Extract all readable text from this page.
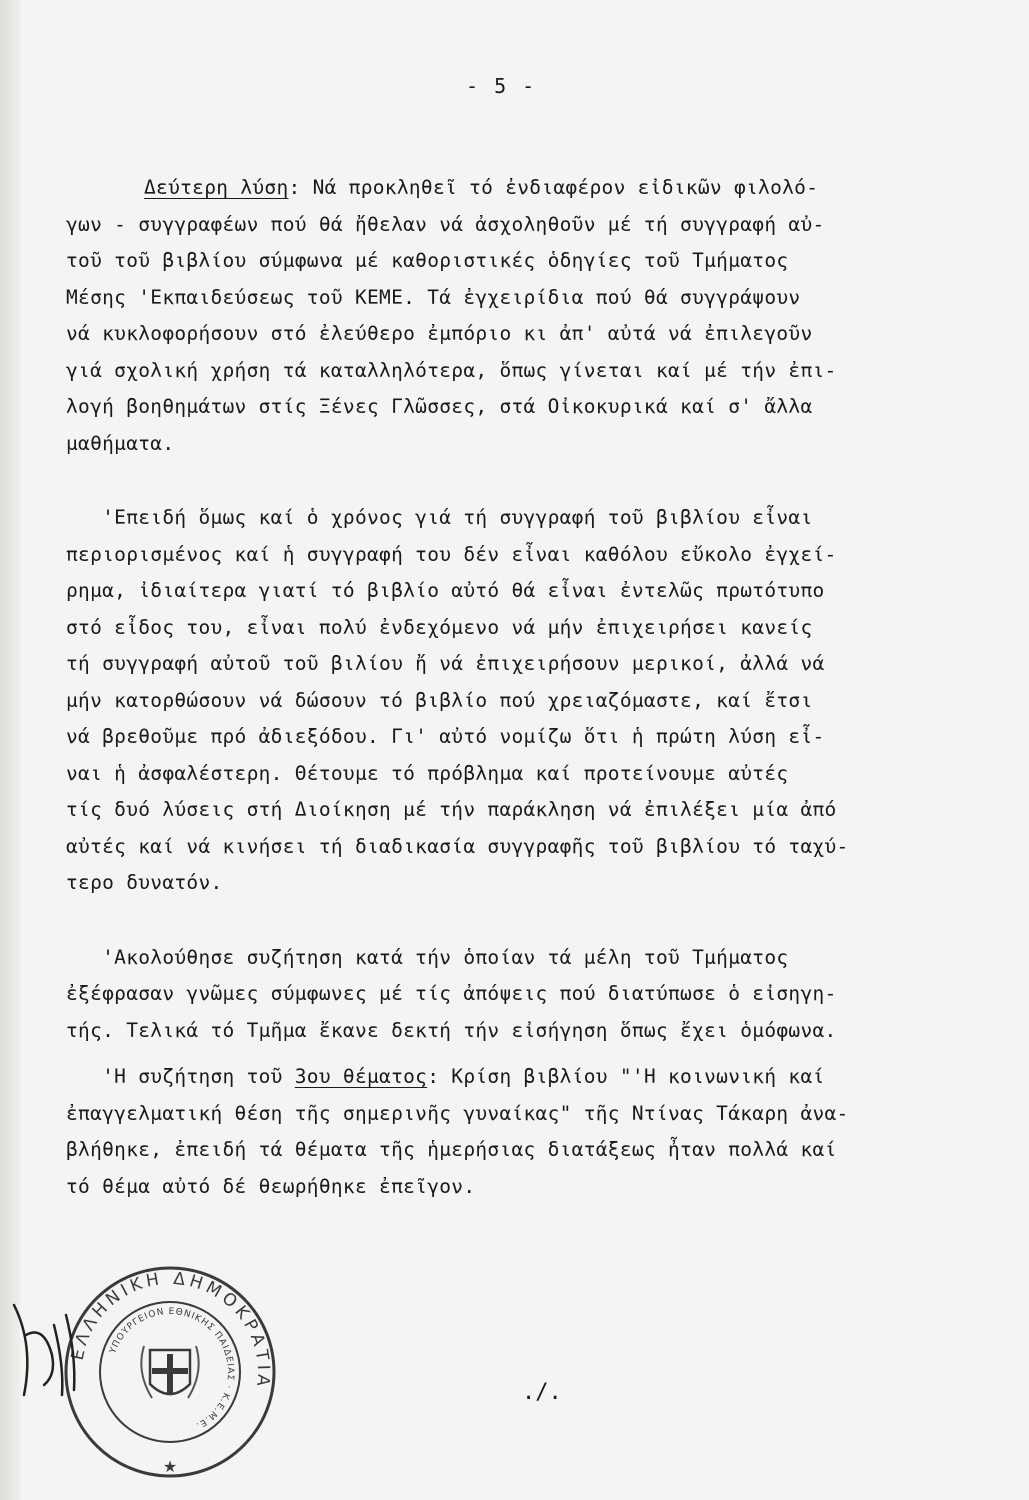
- 5 -
Δεύτερη λύση: Νά προκληθεῖ τό ἐνδιαφέρον εἰδικῶν φιλολό-
γων - συγγραφέων πού θά ἤθελαν νά ἀσχοληθοῦν μέ τή συγγραφή αὐ-
τοῦ τοῦ βιβλίου σύμφωνα μέ καθοριστικές ὁδηγίες τοῦ Τμήματος
Μέσης 'Εκπαιδεύσεως τοῦ ΚΕΜΕ. Τά ἐγχειρίδια πού θά συγγράψουν
νά κυκλοφορήσουν στό ἐλεύθερο ἐμπόριο κι ἀπ' αὐτά νά ἐπιλεγοῦν
γιά σχολική χρήση τά καταλληλότερα, ὅπως γίνεται καί μέ τήν ἐπι-
λογή βοηθημάτων στίς Ξένες Γλῶσσες, στά Οἰκοκυρικά καί σ' ἄλλα
μαθήματα.
'Επειδή ὅμως καί ὁ χρόνος γιά τή συγγραφή τοῦ βιβλίου εἶναι
περιορισμένος καί ἡ συγγραφή του δέν εἶναι καθόλου εὔκολο ἐγχεί-
ρημα, ἰδιαίτερα γιατί τό βιβλίο αὐτό θά εἶναι ἐντελῶς πρωτότυπο
στό εἶδος του, εἶναι πολύ ἐνδεχόμενο νά μήν ἐπιχειρήσει κανείς
τή συγγραφή αὐτοῦ τοῦ βιλίου ἤ νά ἐπιχειρήσουν μερικοί, ἀλλά νά
μήν κατορθώσουν νά δώσουν τό βιβλίο πού χρειαζόμαστε, καί ἔτσι
νά βρεθοῦμε πρό ἀδιεξόδου. Γι' αὐτό νομίζω ὅτι ἡ πρώτη λύση εἶ-
ναι ἡ ἀσφαλέστερη. Θέτουμε τό πρόβλημα καί προτείνουμε αὐτές
τίς δυό λύσεις στή Διοίκηση μέ τήν παράκληση νά ἐπιλέξει μία ἀπό
αὐτές καί νά κινήσει τή διαδικασία συγγραφῆς τοῦ βιβλίου τό ταχύ-
τερο δυνατόν.
'Ακολούθησε συζήτηση κατά τήν ὁποίαν τά μέλη τοῦ Τμήματος
ἐξέφρασαν γνῶμες σύμφωνες μέ τίς ἀπόψεις πού διατύπωσε ὁ εἰσηγη-
τής. Τελικά τό Τμῆμα ἔκανε δεκτή τήν εἰσήγηση ὅπως ἔχει ὁμόφωνα.
'Η συζήτηση τοῦ 3ου θέματος: Κρίση βιβλίου "'Η κοινωνική καί
ἐπαγγελματική θέση τῆς σημερινῆς γυναίκας" τῆς Ντίνας Τάκαρη ἀνα-
βλήθηκε, ἐπειδή τά θέματα τῆς ἡμερήσιας διατάξεως ἦταν πολλά καί
τό θέμα αὐτό δέ θεωρήθηκε ἐπεῖγον.
ΕΛΛΗΝΙΚΗ ΔΗΜΟΚΡΑΤΙΑ
ΥΠΟΥΡΓΕΙΟΝ ΕΘΝΙΚΗΣ ΠΑΙΔΕΙΑΣ · Κ.Ε.Μ.Ε.
★
./.
